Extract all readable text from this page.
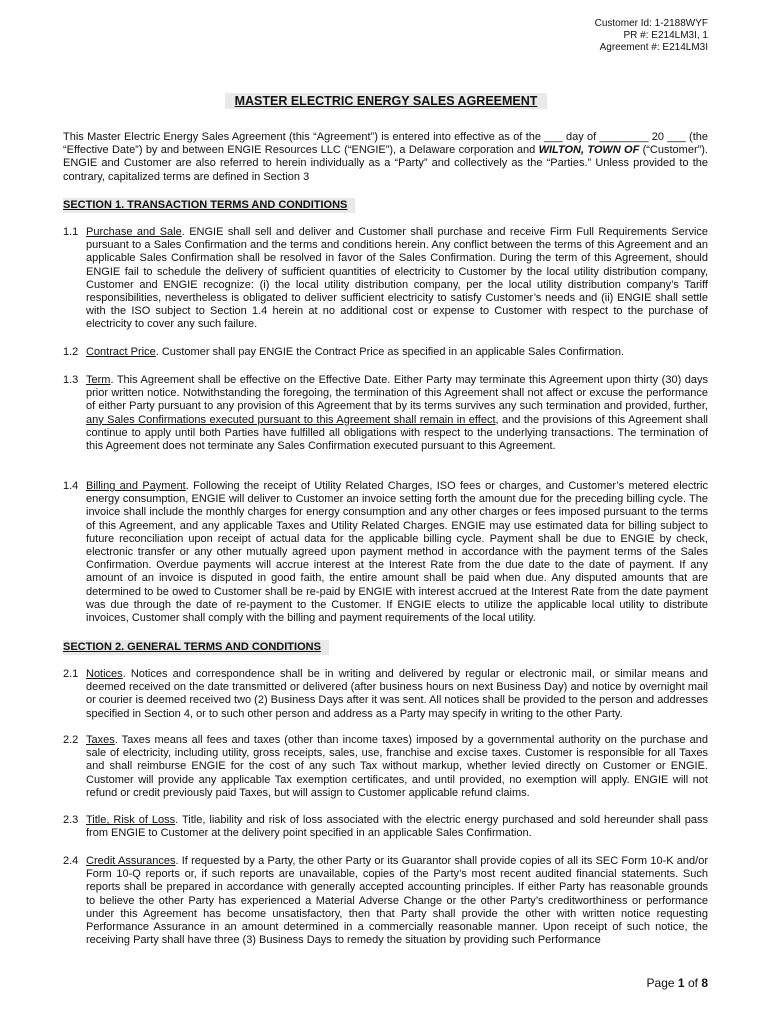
Customer Id: 1-2188WYF
PR #: E214LM3I, 1
Agreement #: E214LM3I
MASTER ELECTRIC ENERGY SALES AGREEMENT
This Master Electric Energy Sales Agreement (this “Agreement”) is entered into effective as of the ___ day of ________ 20 ___ (the “Effective Date”) by and between ENGIE Resources LLC (“ENGIE”), a Delaware corporation and WILTON, TOWN OF (“Customer”). ENGIE and Customer are also referred to herein individually as a “Party” and collectively as the “Parties.” Unless provided to the contrary, capitalized terms are defined in Section 3
SECTION 1. TRANSACTION TERMS AND CONDITIONS
1.1 Purchase and Sale. ENGIE shall sell and deliver and Customer shall purchase and receive Firm Full Requirements Service pursuant to a Sales Confirmation and the terms and conditions herein. Any conflict between the terms of this Agreement and an applicable Sales Confirmation shall be resolved in favor of the Sales Confirmation. During the term of this Agreement, should ENGIE fail to schedule the delivery of sufficient quantities of electricity to Customer by the local utility distribution company, Customer and ENGIE recognize: (i) the local utility distribution company, per the local utility distribution company’s Tariff responsibilities, nevertheless is obligated to deliver sufficient electricity to satisfy Customer’s needs and (ii) ENGIE shall settle with the ISO subject to Section 1.4 herein at no additional cost or expense to Customer with respect to the purchase of electricity to cover any such failure.
1.2 Contract Price. Customer shall pay ENGIE the Contract Price as specified in an applicable Sales Confirmation.
1.3 Term. This Agreement shall be effective on the Effective Date. Either Party may terminate this Agreement upon thirty (30) days prior written notice. Notwithstanding the foregoing, the termination of this Agreement shall not affect or excuse the performance of either Party pursuant to any provision of this Agreement that by its terms survives any such termination and provided, further, any Sales Confirmations executed pursuant to this Agreement shall remain in effect, and the provisions of this Agreement shall continue to apply until both Parties have fulfilled all obligations with respect to the underlying transactions. The termination of this Agreement does not terminate any Sales Confirmation executed pursuant to this Agreement.
1.4 Billing and Payment. Following the receipt of Utility Related Charges, ISO fees or charges, and Customer’s metered electric energy consumption, ENGIE will deliver to Customer an invoice setting forth the amount due for the preceding billing cycle. The invoice shall include the monthly charges for energy consumption and any other charges or fees imposed pursuant to the terms of this Agreement, and any applicable Taxes and Utility Related Charges. ENGIE may use estimated data for billing subject to future reconciliation upon receipt of actual data for the applicable billing cycle. Payment shall be due to ENGIE by check, electronic transfer or any other mutually agreed upon payment method in accordance with the payment terms of the Sales Confirmation. Overdue payments will accrue interest at the Interest Rate from the due date to the date of payment. If any amount of an invoice is disputed in good faith, the entire amount shall be paid when due. Any disputed amounts that are determined to be owed to Customer shall be re-paid by ENGIE with interest accrued at the Interest Rate from the date payment was due through the date of re-payment to the Customer. If ENGIE elects to utilize the applicable local utility to distribute invoices, Customer shall comply with the billing and payment requirements of the local utility.
SECTION 2. GENERAL TERMS AND CONDITIONS
2.1 Notices. Notices and correspondence shall be in writing and delivered by regular or electronic mail, or similar means and deemed received on the date transmitted or delivered (after business hours on next Business Day) and notice by overnight mail or courier is deemed received two (2) Business Days after it was sent. All notices shall be provided to the person and addresses specified in Section 4, or to such other person and address as a Party may specify in writing to the other Party.
2.2 Taxes. Taxes means all fees and taxes (other than income taxes) imposed by a governmental authority on the purchase and sale of electricity, including utility, gross receipts, sales, use, franchise and excise taxes. Customer is responsible for all Taxes and shall reimburse ENGIE for the cost of any such Tax without markup, whether levied directly on Customer or ENGIE. Customer will provide any applicable Tax exemption certificates, and until provided, no exemption will apply. ENGIE will not refund or credit previously paid Taxes, but will assign to Customer applicable refund claims.
2.3 Title, Risk of Loss. Title, liability and risk of loss associated with the electric energy purchased and sold hereunder shall pass from ENGIE to Customer at the delivery point specified in an applicable Sales Confirmation.
2.4 Credit Assurances. If requested by a Party, the other Party or its Guarantor shall provide copies of all its SEC Form 10-K and/or Form 10-Q reports or, if such reports are unavailable, copies of the Party’s most recent audited financial statements. Such reports shall be prepared in accordance with generally accepted accounting principles. If either Party has reasonable grounds to believe the other Party has experienced a Material Adverse Change or the other Party’s creditworthiness or performance under this Agreement has become unsatisfactory, then that Party shall provide the other with written notice requesting Performance Assurance in an amount determined in a commercially reasonable manner. Upon receipt of such notice, the receiving Party shall have three (3) Business Days to remedy the situation by providing such Performance
Page 1 of 8
